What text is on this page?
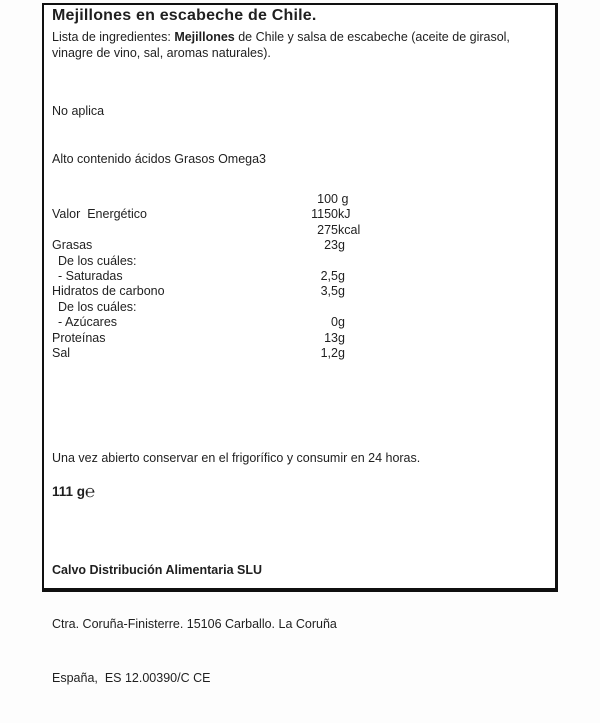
Mejillones en escabeche de Chile.
Lista de ingredientes: Mejillones de Chile y salsa de escabeche (aceite de girasol, vinagre de vino, sal, aromas naturales).

No aplica

Alto contenido ácidos Grasos Omega3

100 g
Valor  Energético	1150 kJ
275 kcal
Grasas	23 g
De los cuáles:
- Saturadas	2,5 g
Hidratos de carbono	3,5 g
De los cuáles:
- Azúcares	0 g
Proteínas	13 g
Sal	1,2 g
Una vez abierto conservar en el frigorífico y consumir en 24 horas.
111 g℮

Calvo Distribución Alimentaria SLU

Ctra. Coruña-Finisterre. 15106 Carballo. La Coruña

España,  ES 12.00390/C CE
